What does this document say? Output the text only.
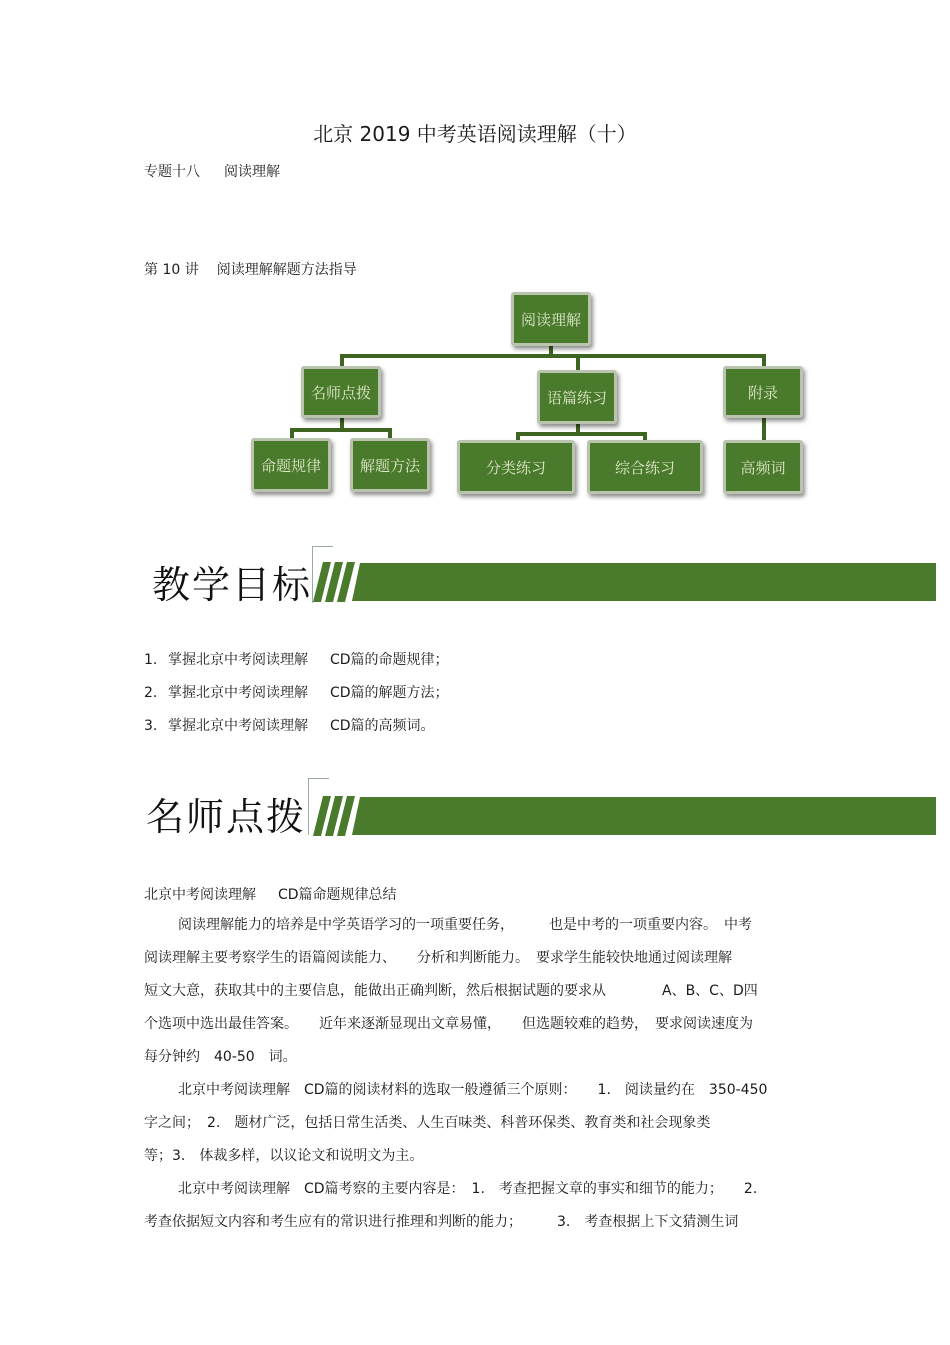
北京 2019 中考英语阅读理解（十）
专题十八 阅读理解
第 10 讲 阅读理解解题方法指导
阅读理解
名师点拨	语篇练习	附录
命题规律	解题方法	分类练习	综合练习	高频词
教学目标
1. 掌握北京中考阅读理解 CD篇的命题规律；
2. 掌握北京中考阅读理解 CD篇的解题方法；
3. 掌握北京中考阅读理解 CD篇的高频词。
名师点拨
北京中考阅读理解 CD篇命题规律总结

阅读理解能力的培养是中学英语学习的一项重要任务，　　　也是中考的一项重要内容。　中考

阅读理解主要考察学生的语篇阅读能力、　　分析和判断能力。　要求学生能较快地通过阅读理解

短文大意，获取其中的主要信息，能做出正确判断，然后根据试题的要求从　　　　A、B、C、D四

个选项中选出最佳答案。　　近年来逐渐显现出文章易懂，　　但选题较难的趋势，　要求阅读速度为

每分钟约　40-50　词。

北京中考阅读理解　CD篇的阅读材料的选取一般遵循三个原则：　　1.　阅读量约在　350-450

字之间；　2.　题材广泛，包括日常生活类、人生百味类、科普环保类、教育类和社会现象类

等；3.　体裁多样，以议论文和说明文为主。

北京中考阅读理解　CD篇考察的主要内容是：　1.　考查把握文章的事实和细节的能力；　　2.

考查依据短文内容和考生应有的常识进行推理和判断的能力；　　　3.　考查根据上下文猜测生词
